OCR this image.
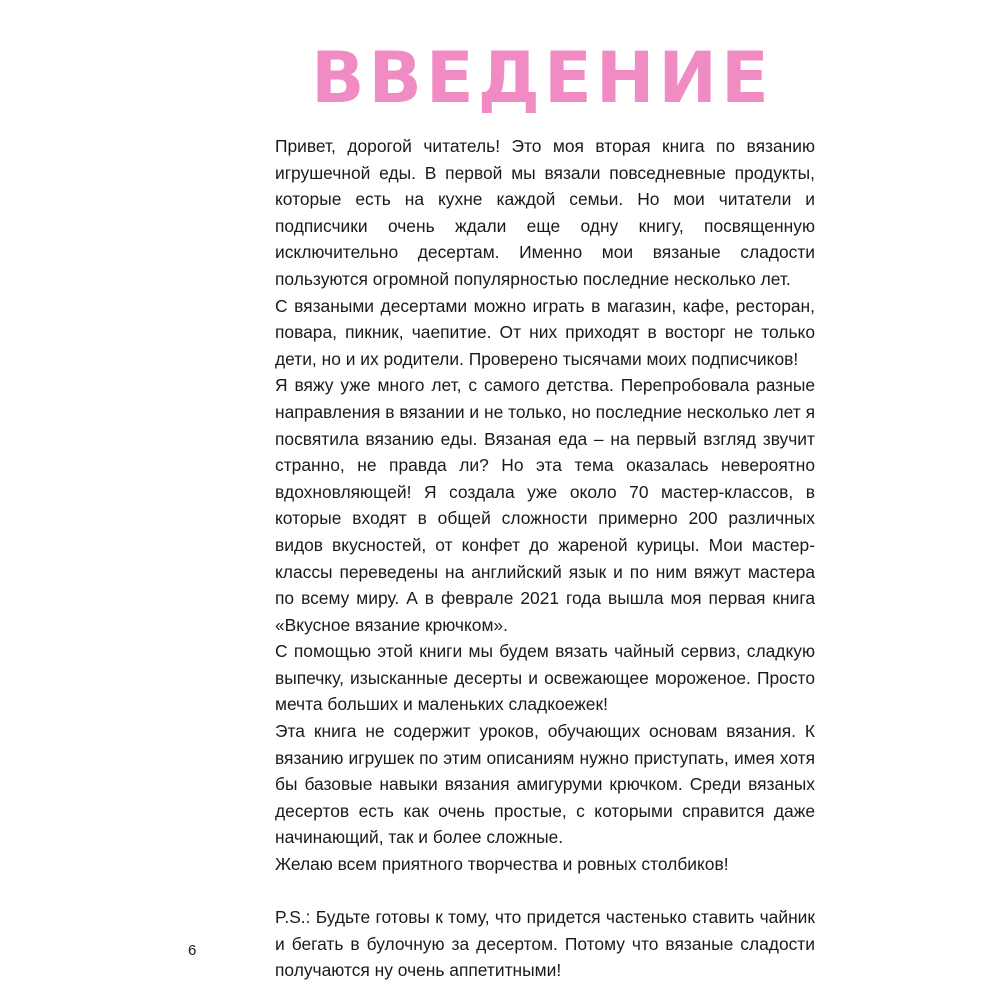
ВВЕДЕНИЕ

Привет, дорогой читатель! Это моя вторая книга по вязанию игрушечной еды. В первой мы вязали повседневные продукты, которые есть на кухне каждой семьи. Но мои читатели и подписчики очень ждали еще одну книгу, посвященную исключительно десертам. Именно мои вязаные сладости пользуются огромной популярностью последние несколько лет.

С вязаными десертами можно играть в магазин, кафе, ресторан, повара, пикник, чаепитие. От них приходят в восторг не только дети, но и их родители. Проверено тысячами моих подписчиков!

Я вяжу уже много лет, с самого детства. Перепробовала разные направления в вязании и не только, но последние несколько лет я посвятила вязанию еды. Вязаная еда – на первый взгляд звучит странно, не правда ли? Но эта тема оказалась невероятно вдохновляющей! Я создала уже около 70 мастер-классов, в которые входят в общей сложности примерно 200 различных видов вкусностей, от конфет до жареной курицы. Мои мастер-классы переведены на английский язык и по ним вяжут мастера по всему миру. А в феврале 2021 года вышла моя первая книга «Вкусное вязание крючком».

С помощью этой книги мы будем вязать чайный сервиз, сладкую выпечку, изысканные десерты и освежающее мороженое. Просто мечта больших и маленьких сладкоежек!

Эта книга не содержит уроков, обучающих основам вязания. К вязанию игрушек по этим описаниям нужно приступать, имея хотя бы базовые навыки вязания амигуруми крючком. Среди вязаных десертов есть как очень простые, с которыми справится даже начинающий, так и более сложные.

Желаю всем приятного творчества и ровных столбиков!

P.S.: Будьте готовы к тому, что придется частенько ставить чайник и бегать в булочную за десертом. Потому что вязаные сладости получаются ну очень аппетитными!

6
